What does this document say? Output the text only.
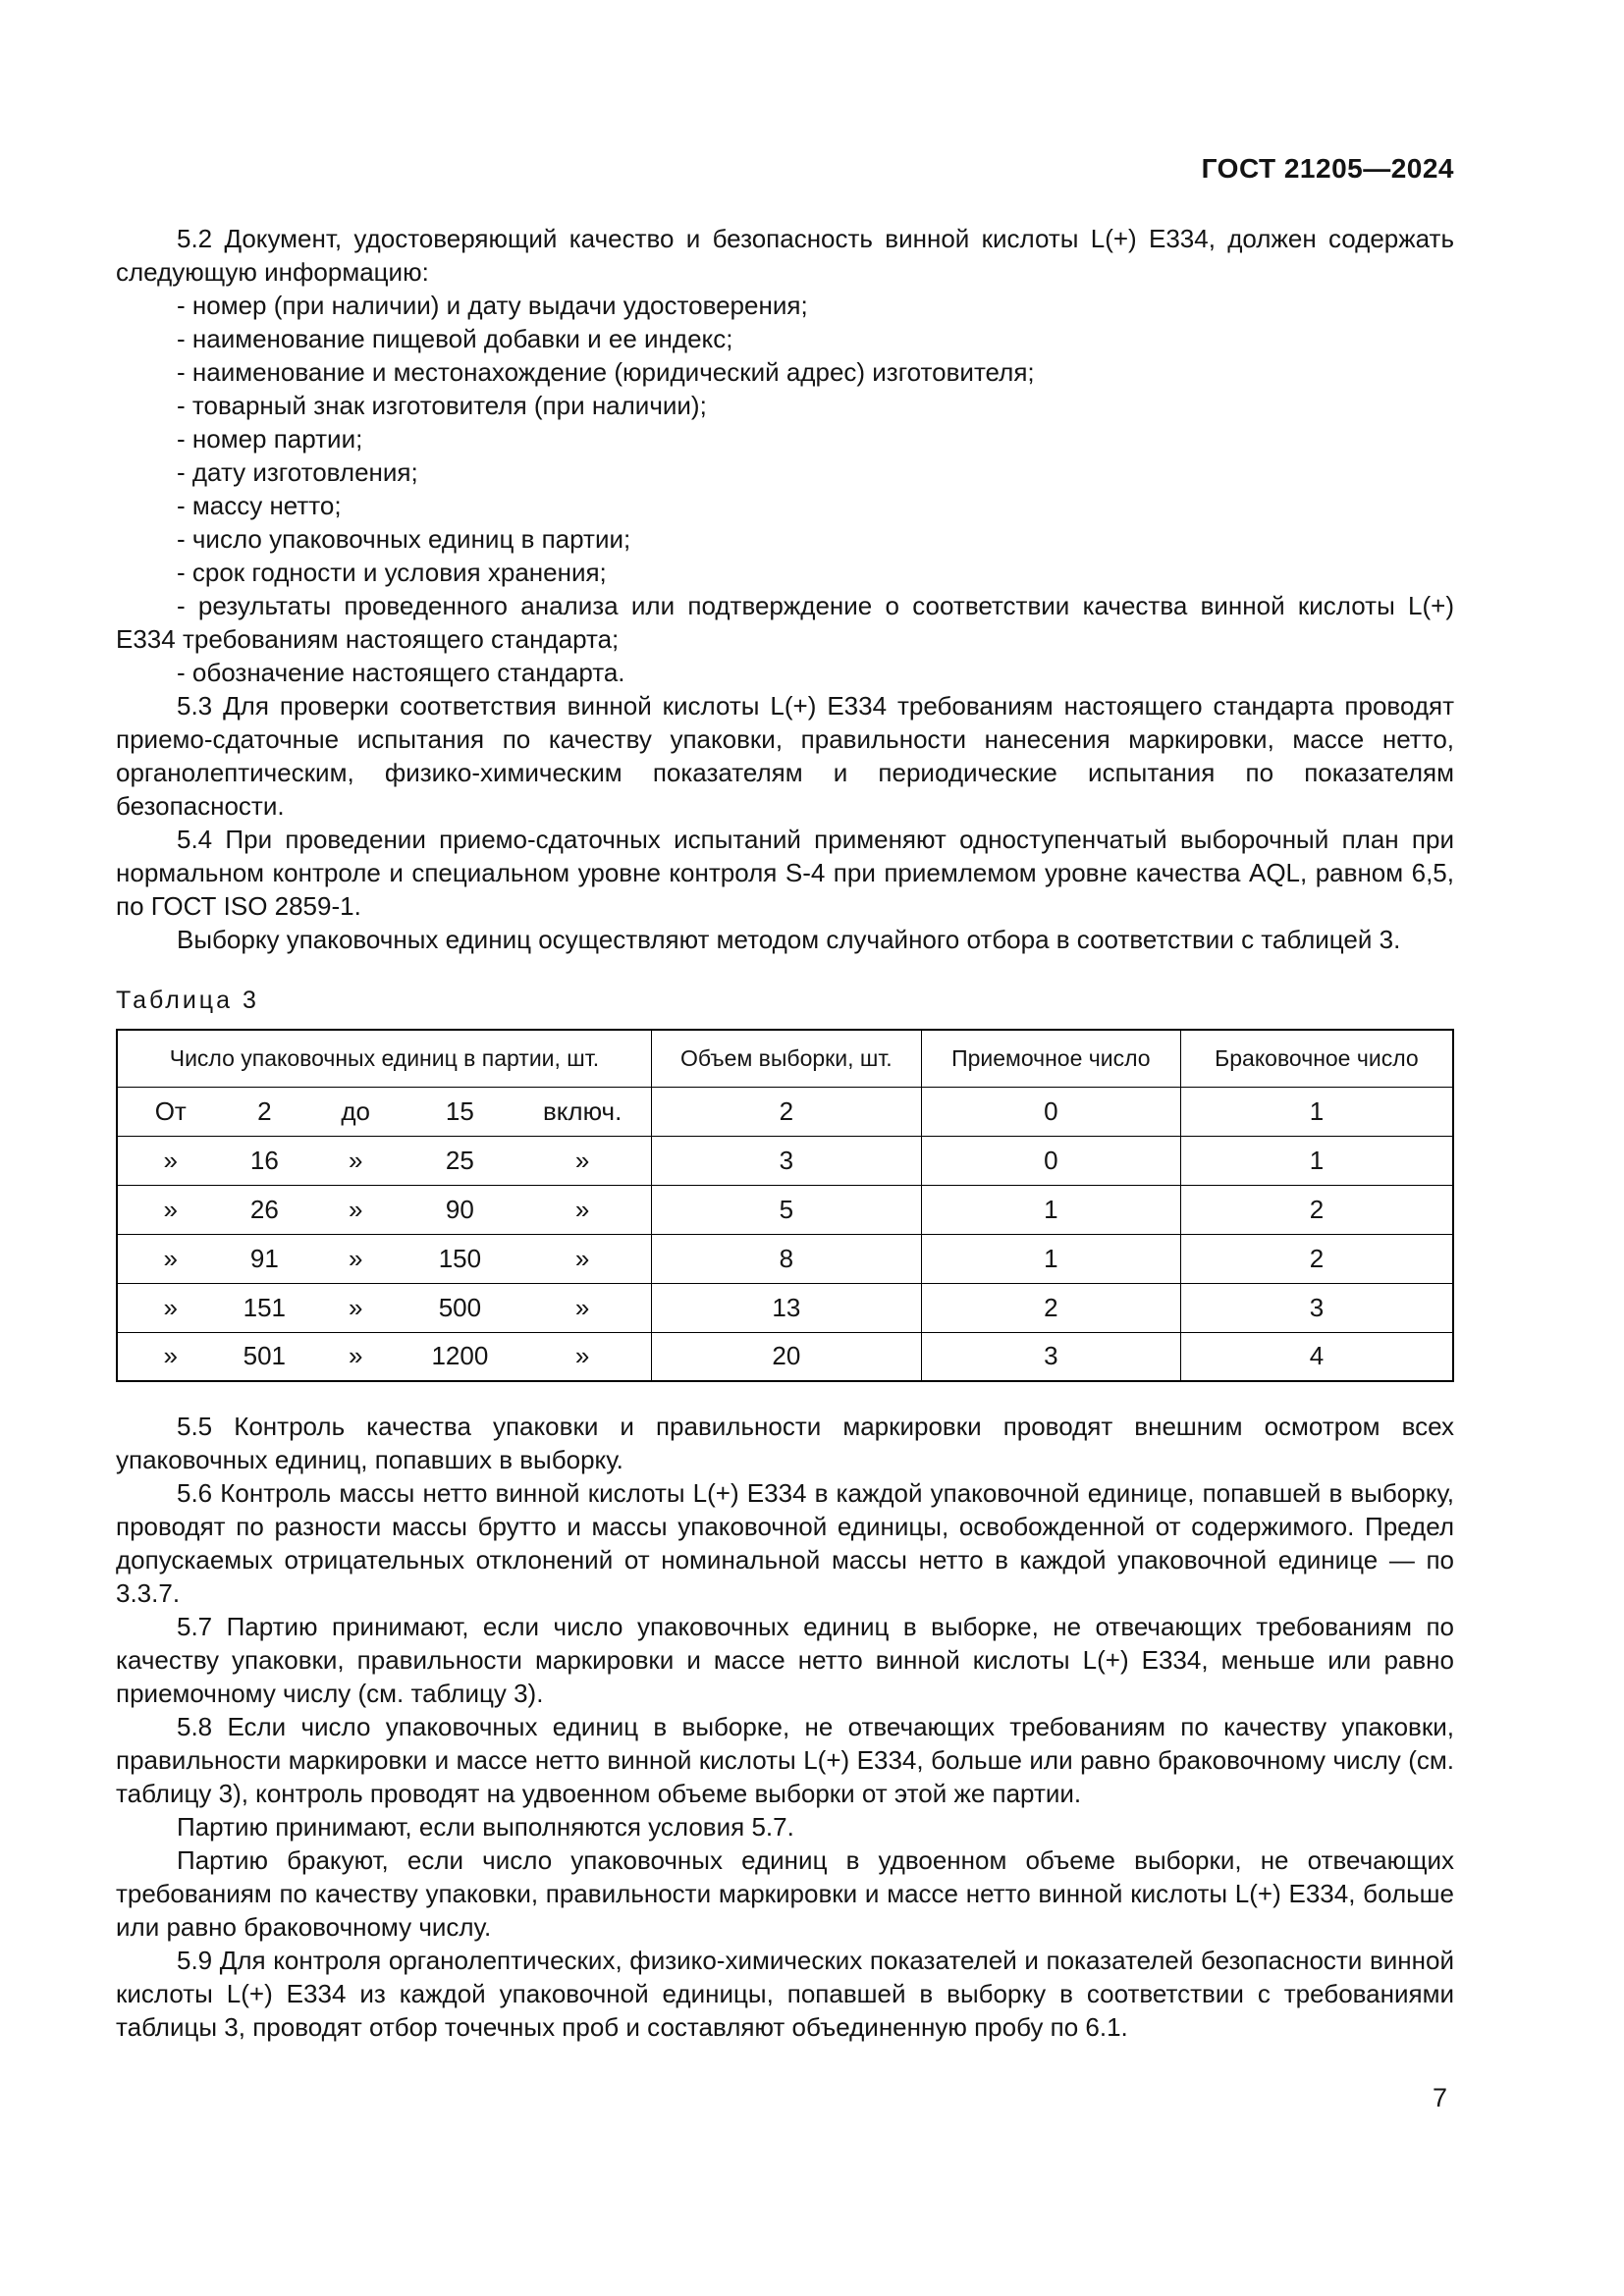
ГОСТ 21205—2024

5.2 Документ, удостоверяющий качество и безопасность винной кислоты L(+) E334, должен содержать следующую информацию:

- номер (при наличии) и дату выдачи удостоверения;

- наименование пищевой добавки и ее индекс;

- наименование и местонахождение (юридический адрес) изготовителя;

- товарный знак изготовителя (при наличии);

- номер партии;

- дату изготовления;

- массу нетто;

- число упаковочных единиц в партии;

- срок годности и условия хранения;

- результаты проведенного анализа или подтверждение о соответствии качества винной кислоты L(+) E334 требованиям настоящего стандарта;

- обозначение настоящего стандарта.

5.3 Для проверки соответствия винной кислоты L(+) E334 требованиям настоящего стандарта проводят приемо-сдаточные испытания по качеству упаковки, правильности нанесения маркировки, массе нетто, органолептическим, физико-химическим показателям и периодические испытания по показателям безопасности.

5.4 При проведении приемо-сдаточных испытаний применяют одноступенчатый выборочный план при нормальном контроле и специальном уровне контроля S-4 при приемлемом уровне качества AQL, равном 6,5, по ГОСТ ISO 2859-1.

Выборку упаковочных единиц осуществляют методом случайного отбора в соответствии с таблицей 3.

Таблица 3
Число упаковочных единиц в партии, шт.	Объем выборки, шт.	Приемочное число	Браковочное число

От 2 до 15 включ.	2	0	1

» 16 » 25 »	3	0	1

» 26 » 90 »	5	1	2

» 91 » 150 »	8	1	2

» 151 » 500 »	13	2	3

» 501 » 1200 »	20	3	4

5.5 Контроль качества упаковки и правильности маркировки проводят внешним осмотром всех упаковочных единиц, попавших в выборку.

5.6 Контроль массы нетто винной кислоты L(+) E334 в каждой упаковочной единице, попавшей в выборку, проводят по разности массы брутто и массы упаковочной единицы, освобожденной от содержимого. Предел допускаемых отрицательных отклонений от номинальной массы нетто в каждой упаковочной единице — по 3.3.7.

5.7 Партию принимают, если число упаковочных единиц в выборке, не отвечающих требованиям по качеству упаковки, правильности маркировки и массе нетто винной кислоты L(+) E334, меньше или равно приемочному числу (см. таблицу 3).

5.8 Если число упаковочных единиц в выборке, не отвечающих требованиям по качеству упаковки, правильности маркировки и массе нетто винной кислоты L(+) E334, больше или равно браковочному числу (см. таблицу 3), контроль проводят на удвоенном объеме выборки от этой же партии.

Партию принимают, если выполняются условия 5.7.

Партию бракуют, если число упаковочных единиц в удвоенном объеме выборки, не отвечающих требованиям по качеству упаковки, правильности маркировки и массе нетто винной кислоты L(+) E334, больше или равно браковочному числу.

5.9 Для контроля органолептических, физико-химических показателей и показателей безопасности винной кислоты L(+) E334 из каждой упаковочной единицы, попавшей в выборку в соответствии с требованиями таблицы 3, проводят отбор точечных проб и составляют объединенную пробу по 6.1.

7
